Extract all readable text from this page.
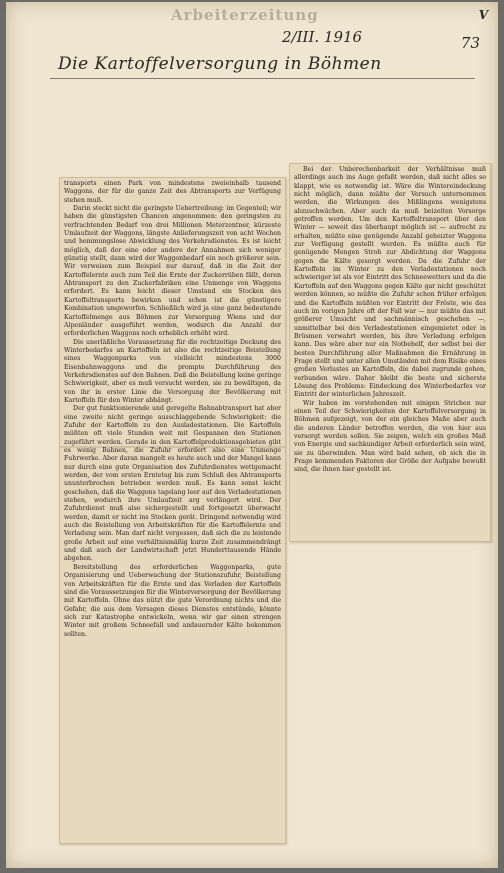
Arbeiterzeitung	V
2/III. 1916	73
Die Kartoffelversorgung in Böhmen

transports einen Park von mindestens zweieinhalb tausend Waggons, der für die ganze Zeit des Abtransports zur Verfügung stehen muß.

Darin steckt nicht die geringste Uebertreibung: im Gegenteil; wir haben die günstigsten Chancen angenommen: den geringsten zu verfrachtenden Bedarf von drei Millionen Meterzentner, kürzeste Umlaufzeit der Waggons, längste Anlieferungszeit von acht Wochen und hemmungslose Abwicklung des Verkehrsdienstes. Es ist leicht möglich, daß der eine oder andere der Annahmen sich weniger günstig stellt, dann wird der Waggonbedarf ein noch größerer sein. Wir verweisen zum Beispiel nur darauf, daß in die Zeit der Kartoffelernte auch zum Teil die Ernte der Zuckerrüben fällt, deren Abtransport zu den Zuckerfabriken eine Unmenge von Waggons erfordert. Es kann leicht dieser Umstand ein Stocken des Kartoffeltransports bewirken und schon ist die günstigere Kombination umgeworfen. Schließlich wird ja eine ganz bedeutende Kartoffelmenge aus Böhmen zur Versorgung Wiens und der Alpenländer ausgeführt werden, wodurch die Anzahl der erforderlichen Waggons noch erheblich erhöht wird.

Die unerläßliche Voraussetzung für die rechtzeitige Deckung des Winterbedarfes an Kartoffeln ist also die rechtzeitige Beistellung eines Waggonparks von vielleicht mindestens 3000 Eisenbahnwaggons und die prompte Durchführung des Verkehrsdienstes auf den Bahnen. Daß die Beistellung keine geringe Schwierigkeit, aber es muß versucht werden, sie zu bewältigen, da von ihr in erster Linie die Versorgung der Bevölkerung mit Kartoffeln für den Winter abhängt.

Der gut funktionierende und geregelte Bahnabtransport hat aber eine zweite nicht geringe ausschlaggebende Schwierigkeit: die Zufuhr der Kartoffeln zu den Ausladestationen. Die Kartoffeln müßten oft viele Stunden weit mit Gespannen den Stationen zugeführt werden. Gerade in den Kartoffelproduktionsgebieten gibt es wenig Bahnen, die Zufuhr erfordert also eine Unmenge Fuhrwerke. Aber daran mangelt es heute auch und der Mangel kann nur durch eine gute Organisation des Zufuhrdienstes wettgemacht werden, der vom ersten Erntetag bis zum Schluß des Abtransports ununterbrochen betrieben werden muß. Es kann sonst leicht geschehen, daß die Waggons tagelang leer auf den Verladestationen stehen, wodurch ihre Umlaufzeit arg verlängert wird. Der Zufuhrdienst muß also sichergestellt und fortgesetzt überwacht werden, damit er nicht ins Stocken gerät. Dringend notwendig wird auch die Beistellung von Arbeitskräften für die Kartoffelernte und Verladung sein. Man darf nicht vergessen, daß sich die zu leistende große Arbeit auf eine verhältnismäßig kurze Zeit zusammendrängt und daß auch der Landwirtschaft jetzt Hunderttausende Hände abgehen.

Bereitstellung des erforderlichen Waggonparks, gute Organisierung und Ueberwachung der Stationszufuhr, Beistellung von Arbeitskräften für die Ernte und das Verladen der Kartoffeln sind die Voraussetzungen für die Winterversorgung der Bevölkerung mit Kartoffeln. Ohne das nützt die gute Verordnung nichts und die Gefahr, die aus dem Versagen dieses Dienstes entstünde, könnte sich zur Katastrophe entwickeln, wenn wir gar einen strengen Winter mit großem Schneefall und andauernder Kälte bekommen sollten.

Bei der Unberechenbarkeit der Verhältnisse muß allerdings auch ins Auge gefaßt werden, daß nicht alles so klappt, wie es notwendig ist. Wäre die Wintereindeckung nicht möglich, dann müßte der Versuch unternommen werden, die Wirkungen des Mißlingens wenigstens abzuschwächen. Aber auch da muß beizeiten Vorsorge getroffen werden. Um den Kartoffeltransport über den Winter — soweit das überhaupt möglich ist — aufrecht zu erhalten, müßte eine genügende Anzahl geheizter Waggons zur Verfügung gestellt werden. Es müßte auch für genügende Mengen Stroh zur Abdichtung der Waggons gegen die Kälte gesorgt werden. Da die Zufuhr der Kartoffeln im Winter zu den Verladestationen noch schwieriger ist als vor Eintritt des Schneewetters und da die Kartoffeln auf den Waggons gegen Kälte gar nicht geschützt werden können, so müßte die Zufuhr schon früher erfolgen und die Kartoffeln müßten vor Eintritt der Fröste, wie das auch im vorigen Jahre oft der Fall war — nur müßte das mit größerer Umsicht und sachmännisch geschehen —, unmittelbar bei den Verladestationen eingemietet oder in Brüsmen verwahrt werden, bis ihre Verladung erfolgen kann. Das wäre aber nur ein Notbehelf, der selbst bei der besten Durchführung aller Maßnahmen die Ernährung in Frage stellt und unter allen Umständen mit dem Risiko eines großen Verlustes an Kartoffeln, die dabei zugrunde gehen, verbunden wäre. Daher bleibt die beste und sicherste Lösung des Problems: Eindeckung des Winterbedarfes vor Eintritt der winterlichen Jahreszeit.

Wir haben im vorstehenden mit einigen Strichen nur einen Teil der Schwierigkeiten der Kartoffelversorgung in Böhmen aufgezeigt, von der ein gleiches Maße aber auch die anderen Länder betroffen werden, die von hier aus versorgt werden sollen. Sie zeigen, welch ein großes Maß von Energie und sachkundiger Arbeit erforderlich sein wird, sie zu überwinden. Man wird bald sehen, ob sich die in Frage kommenden Faktoren der Größe der Aufgabe bewußt sind, die ihnen hier gestellt ist.
